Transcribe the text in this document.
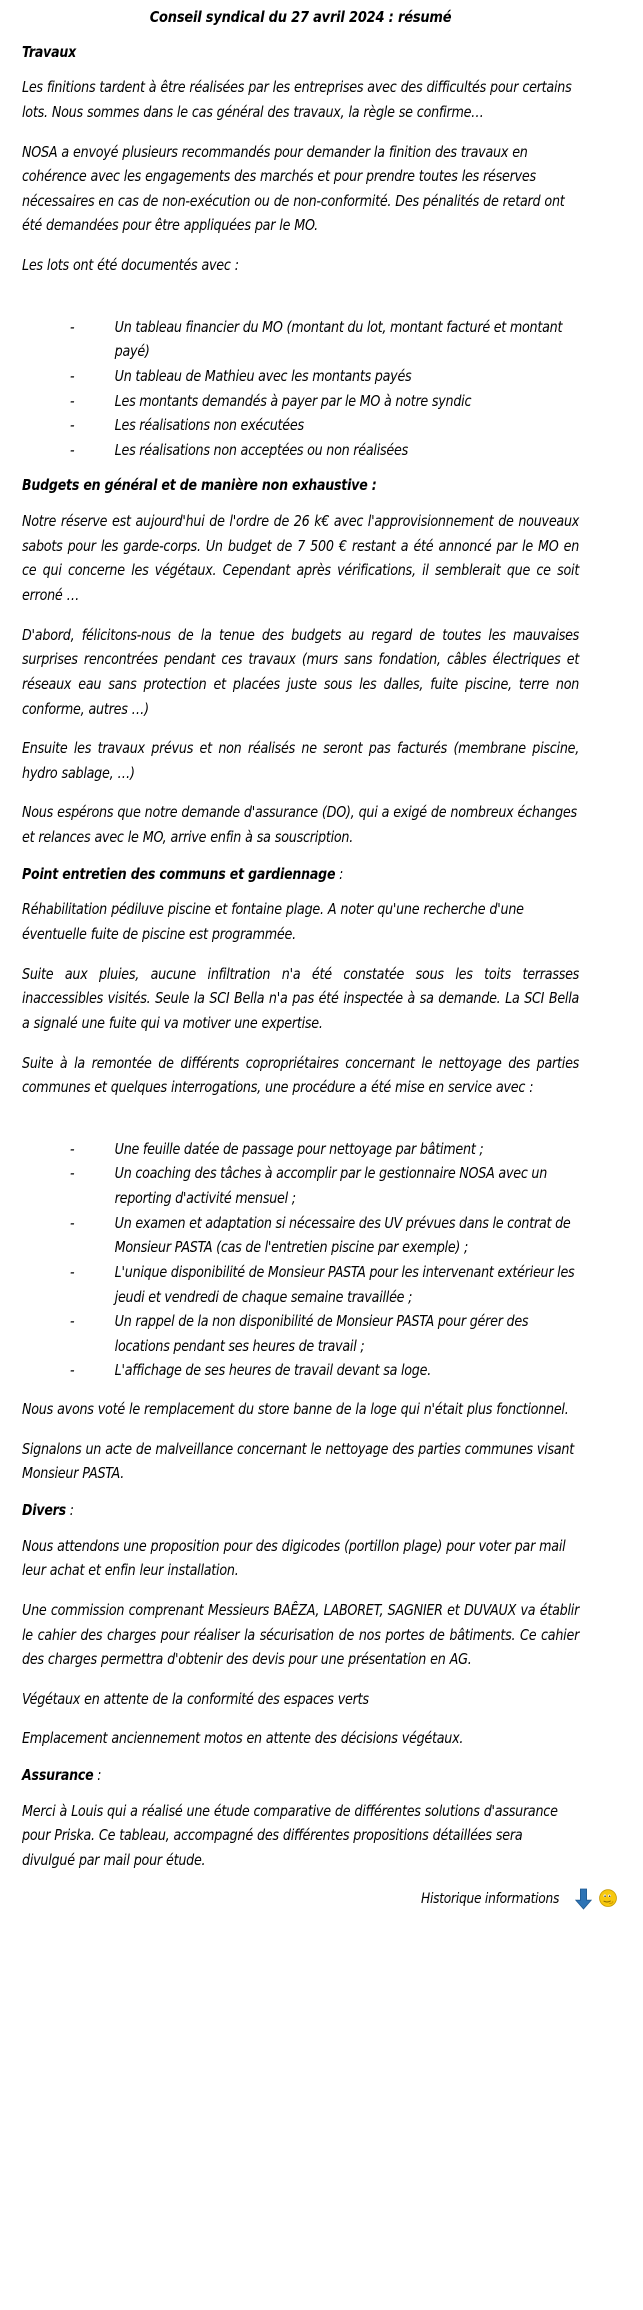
Conseil syndical du 27 avril 2024 : résumé
Travaux

Les finitions tardent à être réalisées par les entreprises avec des difficultés pour certains lots. Nous sommes dans le cas général des travaux, la règle se confirme…

NOSA a envoyé plusieurs recommandés pour demander la finition des travaux en cohérence avec les engagements des marchés et pour prendre toutes les réserves nécessaires en cas de non-exécution ou de non-conformité. Des pénalités de retard ont été demandées pour être appliquées par le MO.

Les lots ont été documentés avec :

-	Un tableau financier du MO (montant du lot, montant facturé et montant payé)
-	Un tableau de Mathieu avec les montants payés
-	Les montants demandés à payer par le MO à notre syndic
-	Les réalisations non exécutées
-	Les réalisations non acceptées ou non réalisées
Budgets en général et de manière non exhaustive :

Notre réserve est aujourd'hui de l'ordre de 26 k€ avec l'approvisionnement de nouveaux sabots pour les garde-corps. Un budget de 7 500 € restant a été annoncé par le MO en ce qui concerne les végétaux. Cependant après vérifications, il semblerait que ce soit erroné …

D'abord, félicitons-nous de la tenue des budgets au regard de toutes les mauvaises surprises rencontrées pendant ces travaux (murs sans fondation, câbles électriques et réseaux eau sans protection et placées juste sous les dalles, fuite piscine, terre non conforme, autres …)

Ensuite les travaux prévus et non réalisés ne seront pas facturés (membrane piscine, hydro sablage, …)

Nous espérons que notre demande d'assurance (DO), qui a exigé de nombreux échanges et relances avec le MO, arrive enfin à sa souscription.

Point entretien des communs et gardiennage :

Réhabilitation pédiluve piscine et fontaine plage. A noter qu'une recherche d'une éventuelle fuite de piscine est programmée.

Suite aux pluies, aucune infiltration n'a été constatée sous les toits terrasses inaccessibles visités. Seule la SCI Bella n'a pas été inspectée à sa demande. La SCI Bella a signalé une fuite qui va motiver une expertise.

Suite à la remontée de différents copropriétaires concernant le nettoyage des parties communes et quelques interrogations, une procédure a été mise en service avec :

-	Une feuille datée de passage pour nettoyage par bâtiment ;
-	Un coaching des tâches à accomplir par le gestionnaire NOSA avec un reporting d'activité mensuel ;
-	Un examen et adaptation si nécessaire des UV prévues dans le contrat de Monsieur PASTA (cas de l'entretien piscine par exemple) ;
-	L'unique disponibilité de Monsieur PASTA pour les intervenant extérieur les jeudi et vendredi de chaque semaine travaillée ;
-	Un rappel de la non disponibilité de Monsieur PASTA pour gérer des locations pendant ses heures de travail ;
-	L'affichage de ses heures de travail devant sa loge.

Nous avons voté le remplacement du store banne de la loge qui n'était plus fonctionnel.

Signalons un acte de malveillance concernant le nettoyage des parties communes visant Monsieur PASTA.

Divers :

Nous attendons une proposition pour des digicodes (portillon plage) pour voter par mail leur achat et enfin leur installation.

Une commission comprenant Messieurs BAÊZA, LABORET, SAGNIER et DUVAUX va établir le cahier des charges pour réaliser la sécurisation de nos portes de bâtiments. Ce cahier des charges permettra d'obtenir des devis pour une présentation en AG.

Végétaux en attente de la conformité des espaces verts

Emplacement anciennement motos en attente des décisions végétaux.

Assurance :

Merci à Louis qui a réalisé une étude comparative de différentes solutions d'assurance pour Priska. Ce tableau, accompagné des différentes propositions détaillées sera divulgué par mail pour étude.

Historique informations
